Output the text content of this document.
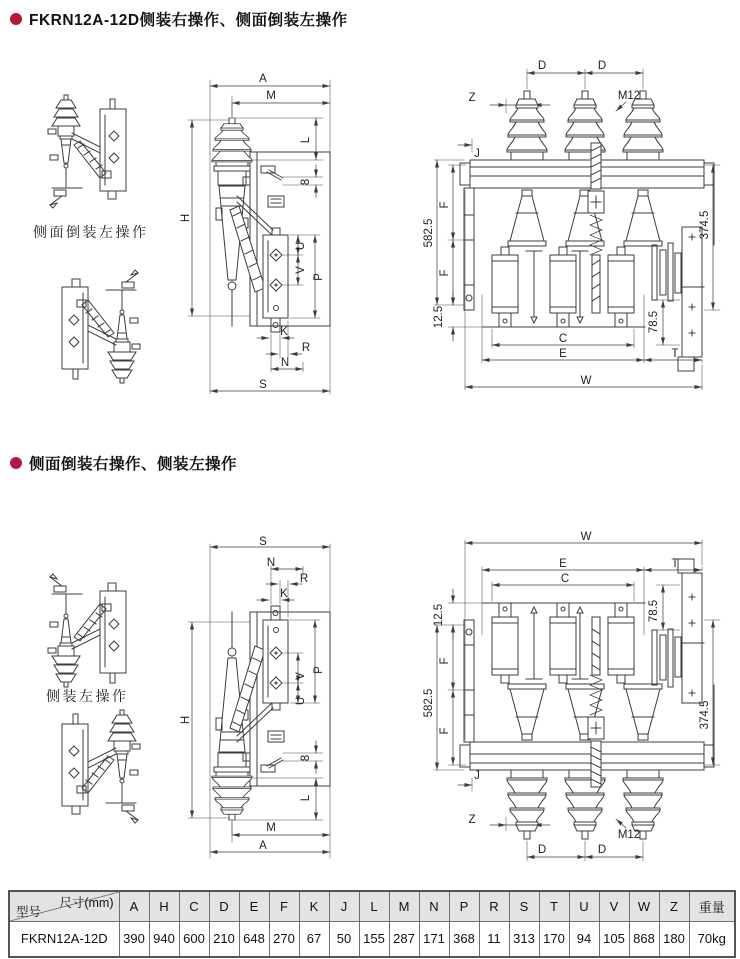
FKRN12A-12D侧装右操作、侧面倒装左操作
侧面倒装左操作
A
M
H
L
8
U
V
P
K
R
N
S
D	D
Z	M12
J
F
F
582.5
12.5
374.5
78.5
C
E	T
W
侧面倒装右操作、侧装左操作
侧装左操作
S
N
R
K
P
V
U
H
8
L
M
A
W
E	T
C
12.5
582.5
F
F
J
Z
D	D
M12
374.5
78.5
尺寸(mm)
型号	A	H	C	D	E	F	K	J	L	M	N	P	R	S	T	U	V	W	Z	重量
FKRN12A-12D	390	940	600	210	648	270	67	50	155	287	171	368	11	313	170	94	105	868	180	70kg
